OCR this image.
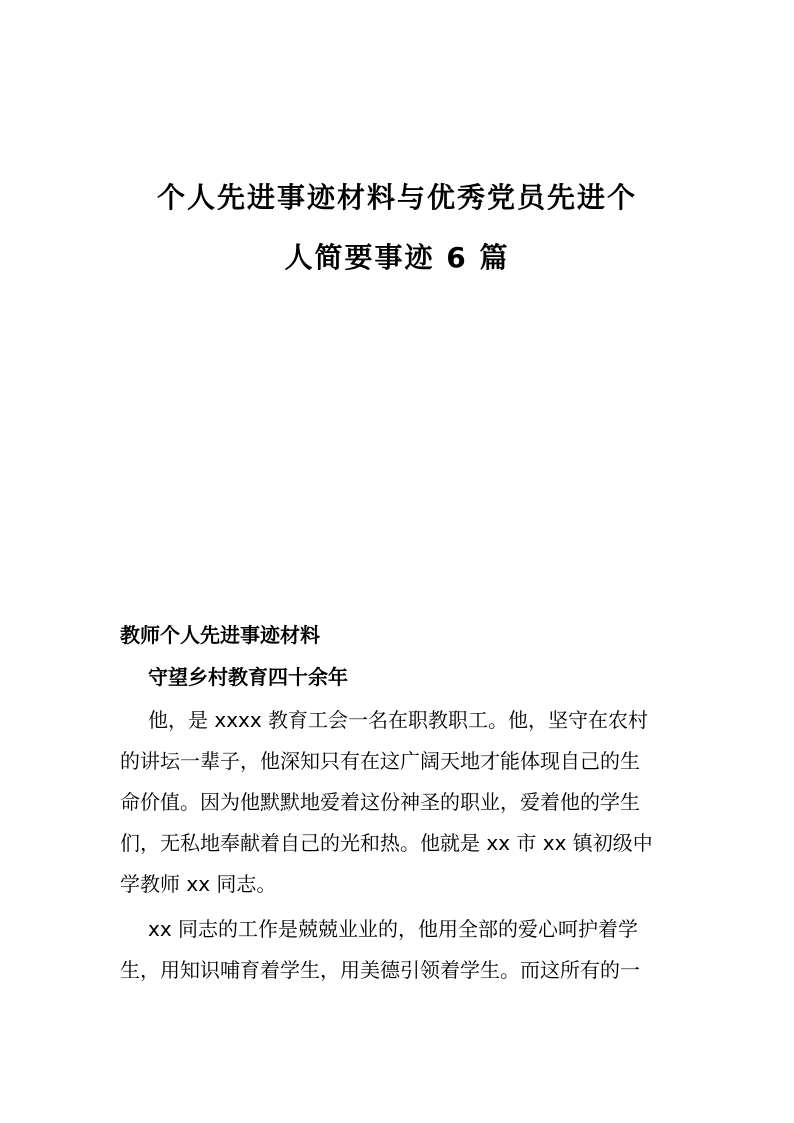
个人先进事迹材料与优秀党员先进个
人简要事迹 6 篇
教师个人先进事迹材料
守望乡村教育四十余年

他，是 xxxx 教育工会一名在职教职工。他，坚守在农村
的讲坛一辈子，他深知只有在这广阔天地才能体现自己的生
命价值。因为他默默地爱着这份神圣的职业，爱着他的学生
们，无私地奉献着自己的光和热。他就是 xx 市 xx 镇初级中
学教师 xx 同志。

xx 同志的工作是兢兢业业的，他用全部的爱心呵护着学
生，用知识哺育着学生，用美德引领着学生。而这所有的一
